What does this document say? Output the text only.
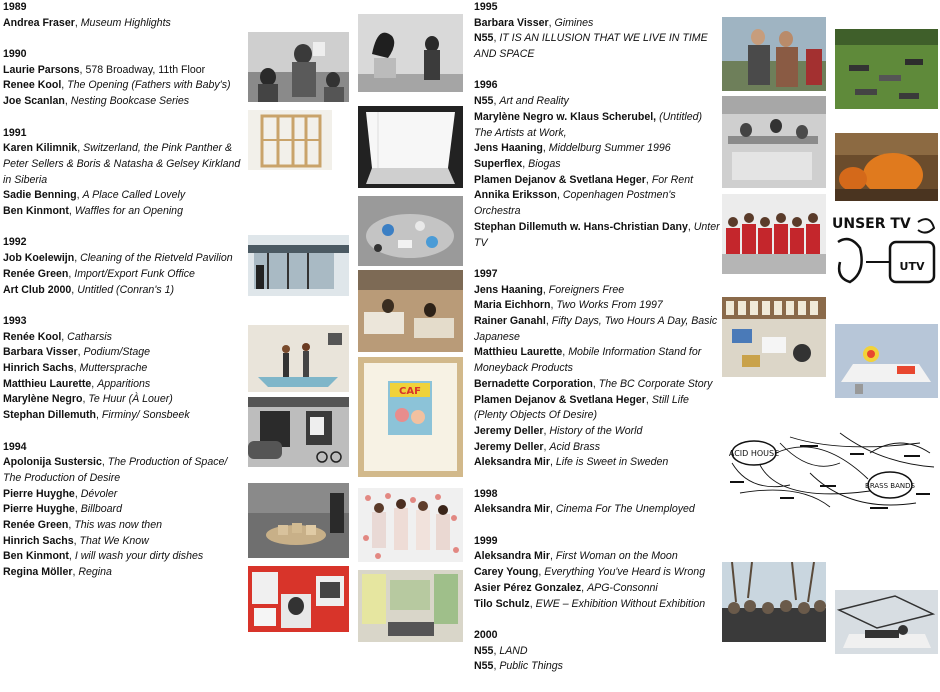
1989
Andrea Fraser, Museum Highlights
1990
Laurie Parsons, 578 Broadway, 11th Floor
Renee Kool, The Opening (Fathers with Baby's)
Joe Scanlan, Nesting Bookcase Series
1991
Karen Kilimnik, Switzerland, the Pink Panther & Peter Sellers & Boris & Natasha & Gelsey Kirkland in Siberia
Sadie Benning, A Place Called Lovely
Ben Kinmont, Waffles for an Opening
1992
Job Koelewijn, Cleaning of the Rietveld Pavilion
Renée Green, Import/Export Funk Office
Art Club 2000, Untitled (Conran's 1)
1993
Renée Kool, Catharsis
Barbara Visser, Podium/Stage
Hinrich Sachs, Muttersprache
Matthieu Laurette, Apparitions
Marylène Negro, Te Huur (À Louer)
Stephan Dillemuth, Firminy/ Sonsbeek
1994
Apolonija Sustersic, The Production of Space/ The Production of Desire
Pierre Huyghe, Dévoler
Pierre Huyghe, Billboard
Renée Green, This was now then
Hinrich Sachs, That We Know
Ben Kinmont, I will wash your dirty dishes
Regina Möller, Regina
1995
Barbara Visser, Gimines
N55, IT IS AN ILLUSION THAT WE LIVE IN TIME AND SPACE
1996
N55, Art and Reality
Marylène Negro w. Klaus Scherubel, (Untitled) The Artists at Work,
Jens Haaning, Middelburg Summer 1996
Superflex, Biogas
Plamen Dejanov & Svetlana Heger, For Rent
Annika Eriksson, Copenhagen Postmen's Orchestra
Stephan Dillemuth w. Hans-Christian Dany, Unter TV
1997
Jens Haaning, Foreigners Free
Maria Eichhorn, Two Works From 1997
Rainer Ganahl, Fifty Days, Two Hours A Day, Basic Japanese
Matthieu Laurette, Mobile Information Stand for Moneyback Products
Bernadette Corporation, The BC Corporate Story
Plamen Dejanov & Svetlana Heger, Still Life (Plenty Objects Of Desire)
Jeremy Deller, History of the World
Jeremy Deller, Acid Brass
Aleksandra Mir, Life is Sweet in Sweden
1998
Aleksandra Mir, Cinema For The Unemployed
1999
Aleksandra Mir, First Woman on the Moon
Carey Young, Everything You've Heard is Wrong
Asier Pérez Gonzalez, APG-Consonni
Tilo Schulz, EWE – Exhibition Without Exhibition
2000
N55, LAND
N55, Public Things
CAF
UNSER TV
UTV
ACID HOUSE
BRASS BANDS
